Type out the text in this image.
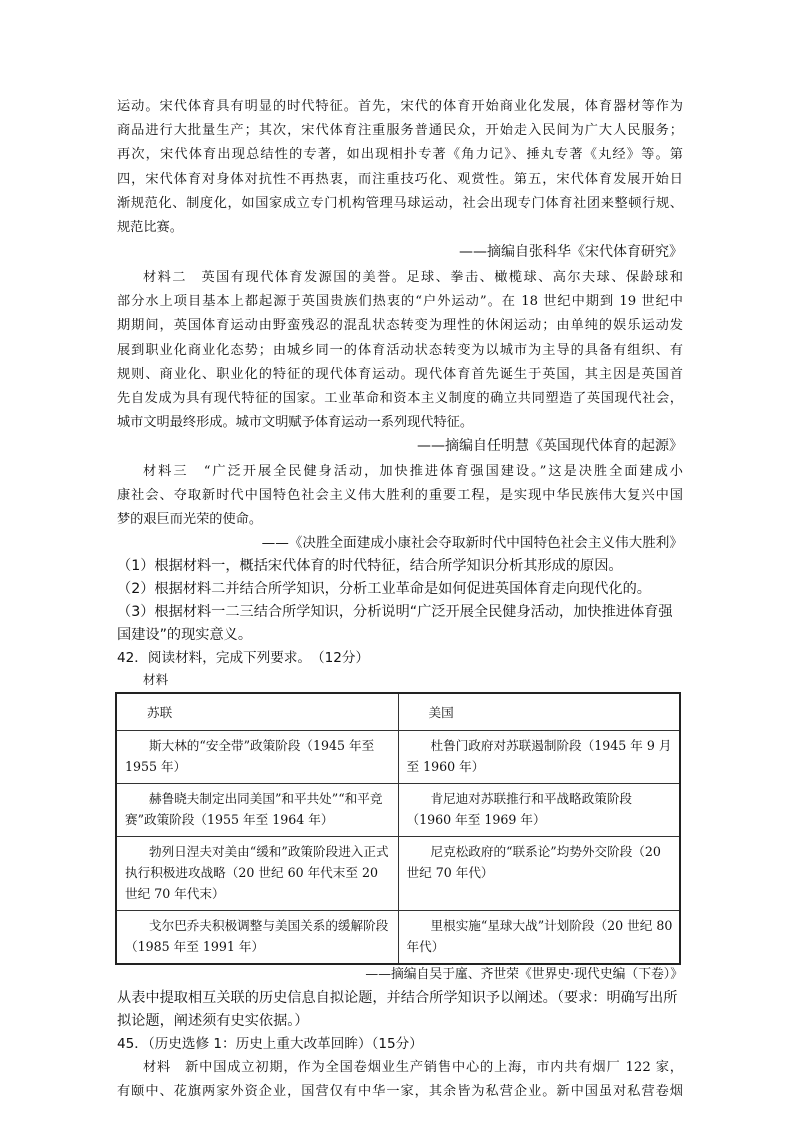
运动。宋代体育具有明显的时代特征。首先，宋代的体育开始商业化发展，体育器材等作为
商品进行大批量生产；其次，宋代体育注重服务普通民众，开始走入民间为广大人民服务；
再次，宋代体育出现总结性的专著，如出现相扑专著《角力记》、捶丸专著《丸经》等。第
四，宋代体育对身体对抗性不再热衷，而注重技巧化、观赏性。第五，宋代体育发展开始日
渐规范化、制度化，如国家成立专门机构管理马球运动，社会出现专门体育社团来整顿行规、
规范比赛。
——摘编自张科华《宋代体育研究》
材料二　英国有现代体育发源国的美誉。足球、拳击、橄榄球、高尔夫球、保龄球和
部分水上项目基本上都起源于英国贵族们热衷的“户外运动”。在 18 世纪中期到 19 世纪中
期期间，英国体育运动由野蛮残忍的混乱状态转变为理性的休闲运动；由单纯的娱乐运动发
展到职业化商业化态势；由城乡同一的体育活动状态转变为以城市为主导的具备有组织、有
规则、商业化、职业化的特征的现代体育运动。现代体育首先诞生于英国，其主因是英国首
先自发成为具有现代特征的国家。工业革命和资本主义制度的确立共同塑造了英国现代社会，
城市文明最终形成。城市文明赋予体育运动一系列现代特征。
——摘编自任明慧《英国现代体育的起源》
材料三　“广泛开展全民健身活动，加快推进体育强国建设。”这是决胜全面建成小
康社会、夺取新时代中国特色社会主义伟大胜利的重要工程，是实现中华民族伟大复兴中国
梦的艰巨而光荣的使命。
——《决胜全面建成小康社会夺取新时代中国特色社会主义伟大胜利》
（1）根据材料一，概括宋代体育的时代特征，结合所学知识分析其形成的原因。
（2）根据材料二并结合所学知识，分析工业革命是如何促进英国体育走向现代化的。
（3）根据材料一二三结合所学知识，分析说明“广泛开展全民健身活动，加快推进体育强
国建设”的现实意义。
42．阅读材料，完成下列要求。　（12分）
材料
苏联	美国

斯大林的“安全带”政策阶段（1945 年至 1955 年）	杜鲁门政府对苏联遏制阶段（1945 年 9 月至 1960 年）

赫鲁晓夫制定出同美国”和平共处”“和平竞赛”政策阶段（1955 年至 1964 年）	肯尼迪对苏联推行和平战略政策阶段（1960 年至 1969 年）

勃列日涅夫对美由“缓和”政策阶段进入正式执行积极进攻战略（20 世纪 60 年代末至 20 世纪 70 年代末）	尼克松政府的“联系论”均势外交阶段（20 世纪 70 年代）

戈尔巴乔夫积极调整与美国关系的缓解阶段（1985 年至 1991 年）	里根实施“星球大战”计划阶段（20 世纪 80 年代）
——摘编自吴于廑、齐世荣《世界史·现代史编（下卷）》
从表中提取相互关联的历史信息自拟论题，并结合所学知识予以阐述。（要求：明确写出所
拟论题，阐述须有史实依据。）
45．（历史选修 1：历史上重大改革回眸）（15分）
材料　新中国成立初期，作为全国卷烟业生产销售中心的上海，市内共有烟厂 122 家，
有颐中、花旗两家外资企业，国营仅有中华一家，其余皆为私营企业。新中国虽对私营卷烟
